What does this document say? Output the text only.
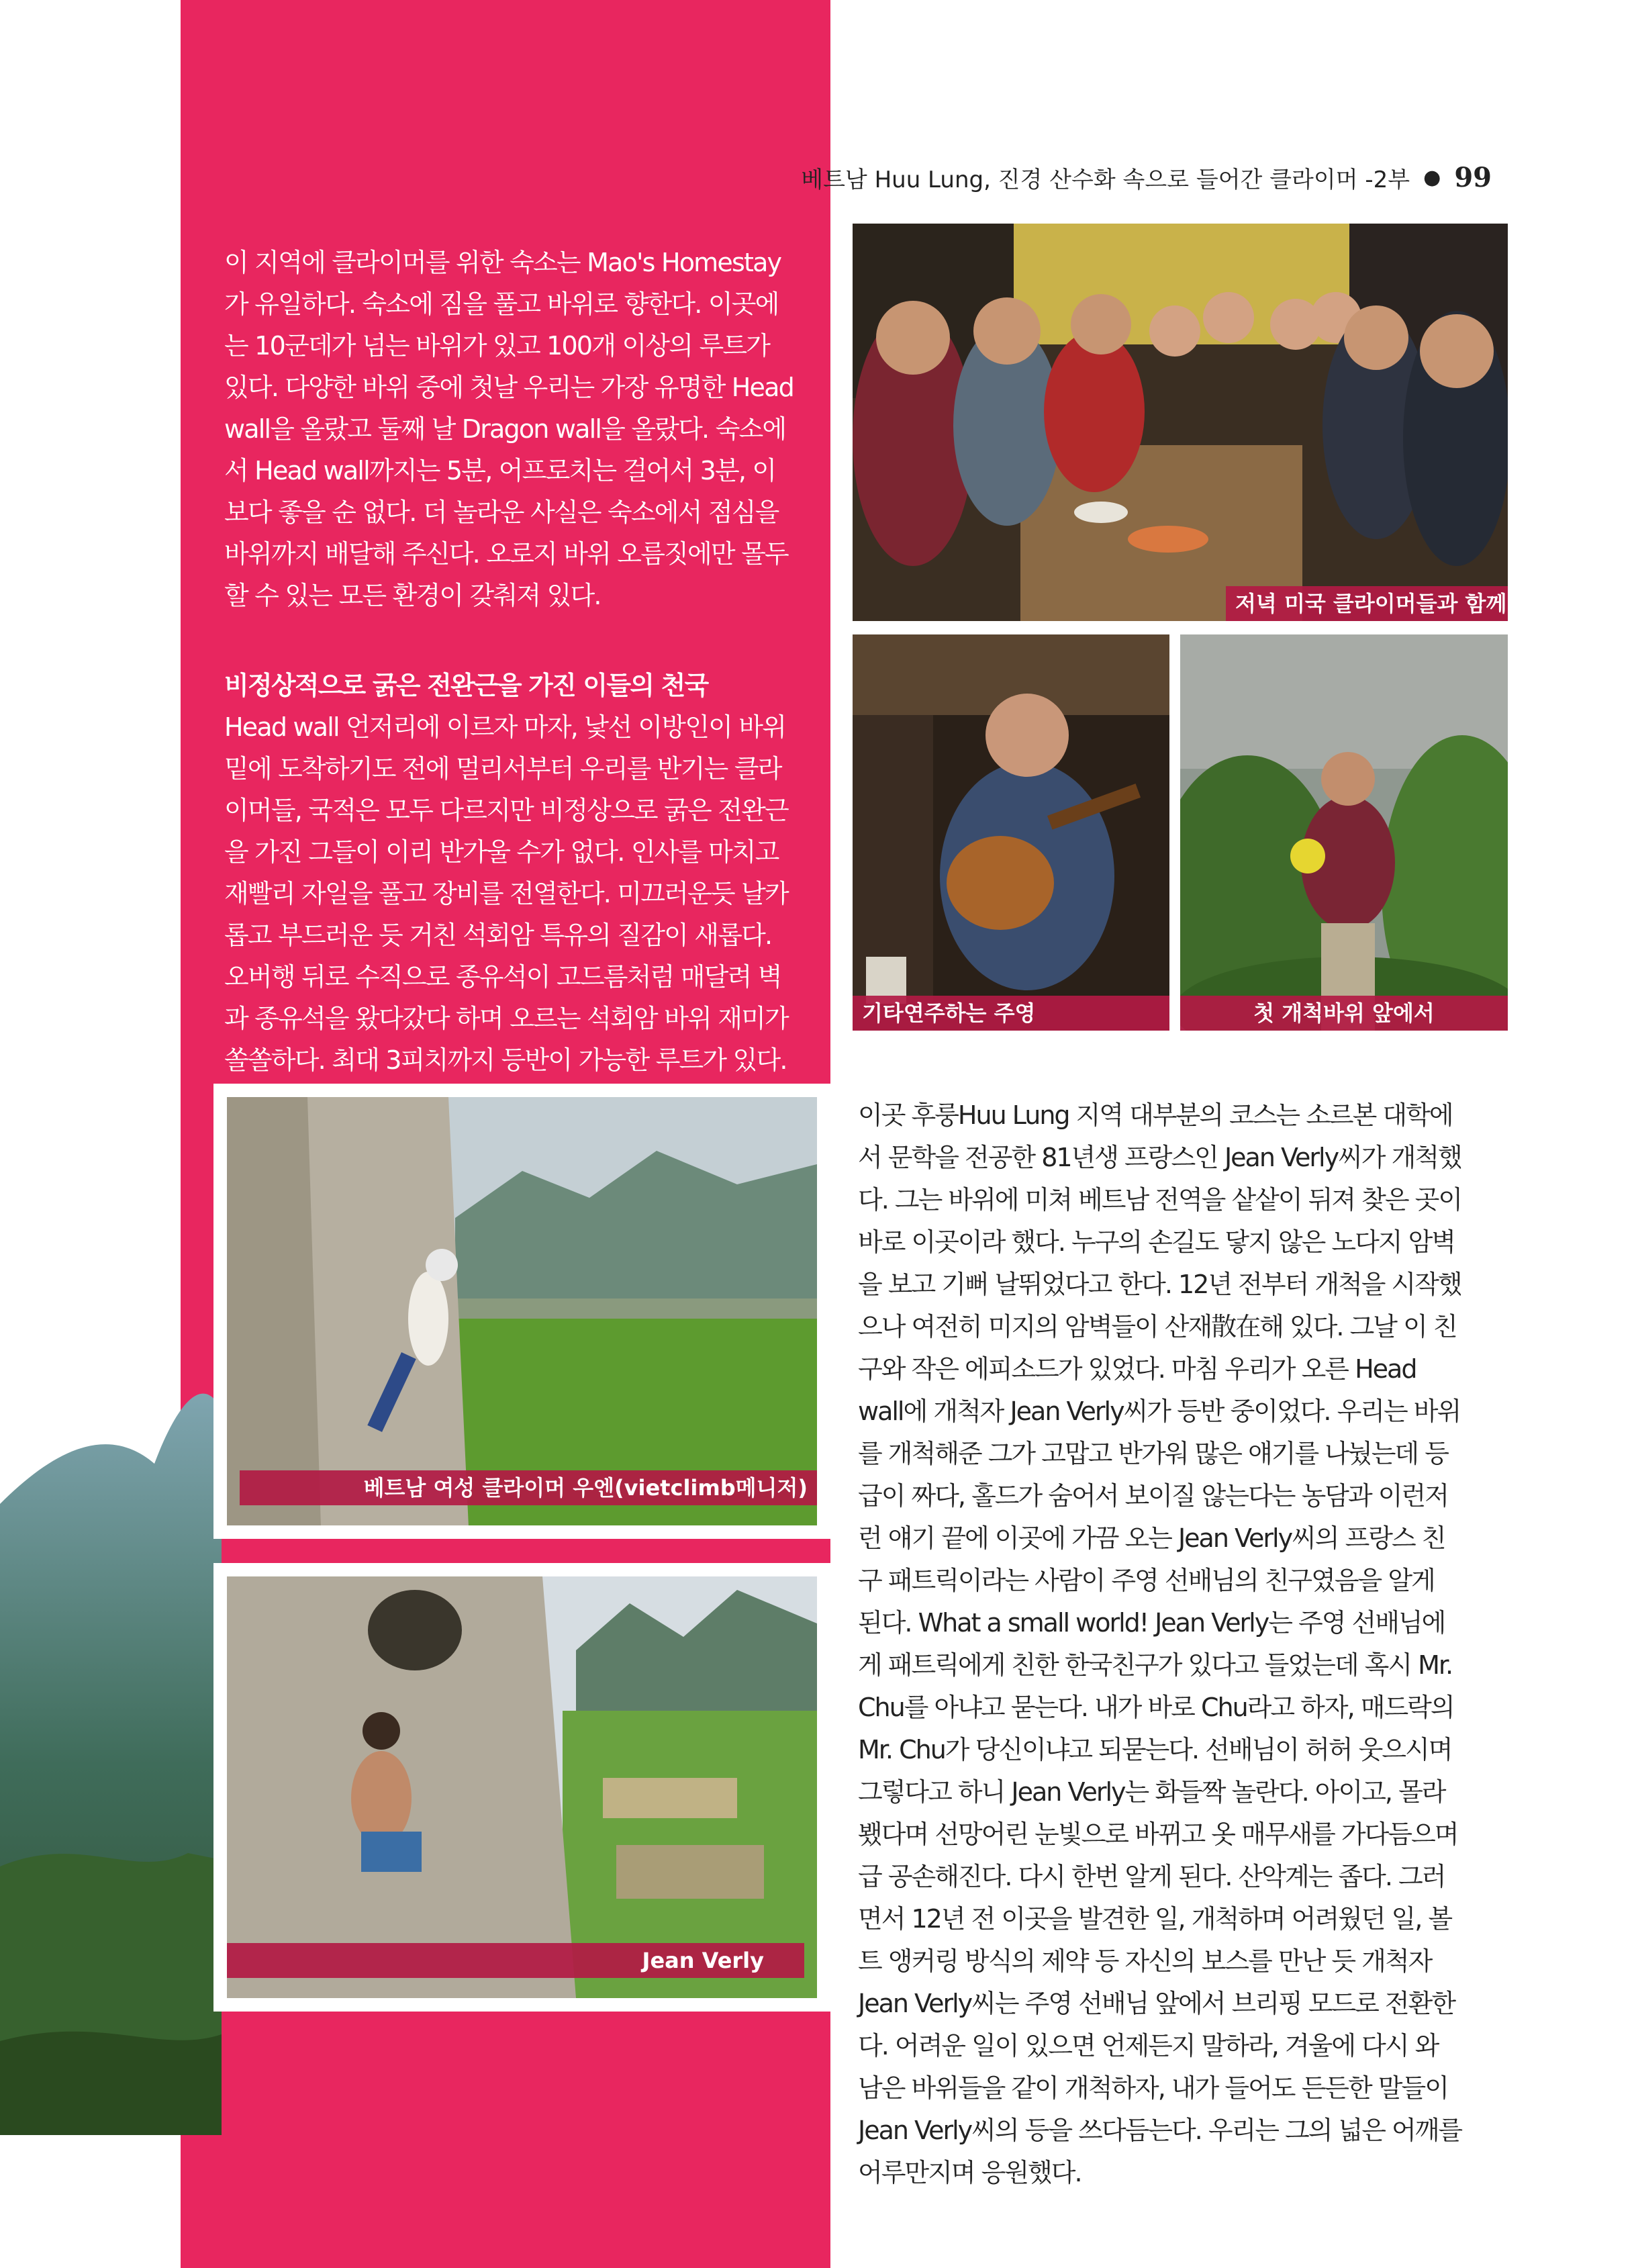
베트남 Huu Lung, 진경 산수화 속으로 들어간 클라이머 -2부 ● 99

이 지역에 클라이머를 위한 숙소는 Mao's Homestay가 유일하다. 숙소에 짐을 풀고 바위로 향한다. 이곳에는 10군데가 넘는 바위가 있고 100개 이상의 루트가 있다. 다양한 바위 중에 첫날 우리는 가장 유명한 Head wall을 올랐고 둘째 날 Dragon wall을 올랐다. 숙소에서 Head wall까지는 5분, 어프로치는 걸어서 3분, 이보다 좋을 순 없다. 더 놀라운 사실은 숙소에서 점심을 바위까지 배달해 주신다. 오로지 바위 오름짓에만 몰두할 수 있는 모든 환경이 갖춰져 있다.

비정상적으로 굵은 전완근을 가진 이들의 천국

Head wall 언저리에 이르자 마자, 낯선 이방인이 바위 밑에 도착하기도 전에 멀리서부터 우리를 반기는 클라이머들, 국적은 모두 다르지만 비정상으로 굵은 전완근을 가진 그들이 이리 반가울 수가 없다. 인사를 마치고 재빨리 자일을 풀고 장비를 전열한다. 미끄러운듯 날카롭고 부드러운 듯 거친 석회암 특유의 질감이 새롭다. 오버행 뒤로 수직으로 종유석이 고드름처럼 매달려 벽과 종유석을 왔다갔다 하며 오르는 석회암 바위 재미가 쏠쏠하다. 최대 3피치까지 등반이 가능한 루트가 있다.

저녁 미국 클라이머들과 함께
기타연주하는 주영	첫 개척바위 앞에서
베트남 여성 클라이머 우엔(vietclimb메니저)
Jean Verly

이곳 후룽Huu Lung 지역 대부분의 코스는 소르본 대학에서 문학을 전공한 81년생 프랑스인 Jean Verly씨가 개척했다. 그는 바위에 미쳐 베트남 전역을 샅샅이 뒤져 찾은 곳이 바로 이곳이라 했다. 누구의 손길도 닿지 않은 노다지 암벽을 보고 기뻐 날뛰었다고 한다. 12년 전부터 개척을 시작했으나 여전히 미지의 암벽들이 산재散在해 있다. 그날 이 친구와 작은 에피소드가 있었다. 마침 우리가 오른 Head wall에 개척자 Jean Verly씨가 등반 중이었다. 우리는 바위를 개척해준 그가 고맙고 반가워 많은 얘기를 나눴는데 등급이 짜다, 홀드가 숨어서 보이질 않는다는 농담과 이런저런 얘기 끝에 이곳에 가끔 오는 Jean Verly씨의 프랑스 친구 패트릭이라는 사람이 주영 선배님의 친구였음을 알게 된다. What a small world! Jean Verly는 주영 선배님에게 패트릭에게 친한 한국친구가 있다고 들었는데 혹시 Mr. Chu를 아냐고 묻는다. 내가 바로 Chu라고 하자, 매드락의 Mr. Chu가 당신이냐고 되묻는다. 선배님이 허허 웃으시며 그렇다고 하니 Jean Verly는 화들짝 놀란다. 아이고, 몰라 뵀다며 선망어린 눈빛으로 바뀌고 옷 매무새를 가다듬으며 급 공손해진다. 다시 한번 알게 된다. 산악계는 좁다. 그러면서 12년 전 이곳을 발견한 일, 개척하며 어려웠던 일, 볼트 앵커링 방식의 제약 등 자신의 보스를 만난 듯 개척자 Jean Verly씨는 주영 선배님 앞에서 브리핑 모드로 전환한다. 어려운 일이 있으면 언제든지 말하라, 겨울에 다시 와 남은 바위들을 같이 개척하자, 내가 들어도 든든한 말들이 Jean Verly씨의 등을 쓰다듬는다. 우리는 그의 넓은 어깨를 어루만지며 응원했다.
